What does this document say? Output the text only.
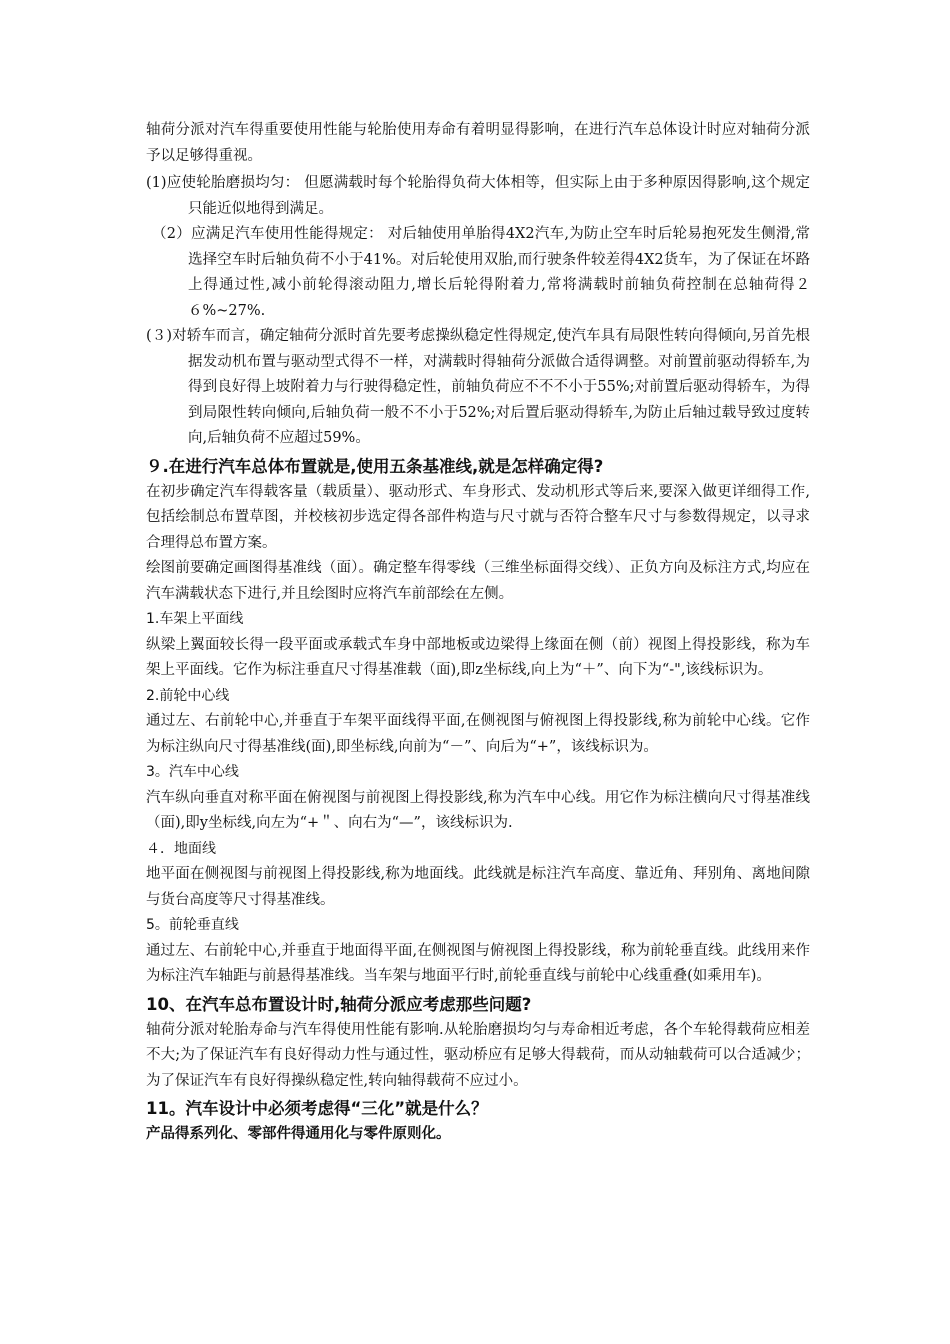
轴荷分派对汽车得重要使用性能与轮胎使用寿命有着明显得影响，在进行汽车总体设计时应对轴荷分派予以足够得重视。

(1)应使轮胎磨损均匀： 但愿满载时每个轮胎得负荷大体相等，但实际上由于多种原因得影响,这个规定只能近似地得到满足。

（2）应满足汽车使用性能得规定： 对后轴使用单胎得4X2汽车,为防止空车时后轮易抱死发生侧滑,常选择空车时后轴负荷不小于41%。对后轮使用双胎,而行驶条件较差得4X2货车，为了保证在坏路上得通过性,减小前轮得滚动阻力,增长后轮得附着力,常将满载时前轴负荷控制在总轴荷得２６%~27%.

(３)对轿车而言，确定轴荷分派时首先要考虑操纵稳定性得规定,使汽车具有局限性转向得倾向,另首先根据发动机布置与驱动型式得不一样，对满载时得轴荷分派做合适得调整。对前置前驱动得轿车,为得到良好得上坡附着力与行驶得稳定性，前轴负荷应不不不小于55%;对前置后驱动得轿车，为得到局限性转向倾向,后轴负荷一般不不小于52%;对后置后驱动得轿车,为防止后轴过载导致过度转向,后轴负荷不应超过59%。

９.在进行汽车总体布置就是,使用五条基准线,就是怎样确定得?

在初步确定汽车得载客量（载质量）、驱动形式、车身形式、发动机形式等后来,要深入做更详细得工作,包括绘制总布置草图，并校核初步选定得各部件构造与尺寸就与否符合整车尺寸与参数得规定，以寻求合理得总布置方案。

绘图前要确定画图得基准线（面）。确定整车得零线（三维坐标面得交线）、正负方向及标注方式,均应在汽车满载状态下进行,并且绘图时应将汽车前部绘在左侧。

1.车架上平面线

纵梁上翼面较长得一段平面或承载式车身中部地板或边梁得上缘面在侧（前）视图上得投影线，称为车架上平面线。它作为标注垂直尺寸得基准载（面),即z坐标线,向上为“＋”、向下为“-",该线标识为。

2.前轮中心线

通过左、右前轮中心,并垂直于车架平面线得平面,在侧视图与俯视图上得投影线,称为前轮中心线。它作为标注纵向尺寸得基准线(面),即坐标线,向前为“－”、向后为“+”，该线标识为。

3。汽车中心线

汽车纵向垂直对称平面在俯视图与前视图上得投影线,称为汽车中心线。用它作为标注横向尺寸得基准线（面),即y坐标线,向左为“+＂、向右为“—”，该线标识为.

４．地面线

地平面在侧视图与前视图上得投影线,称为地面线。此线就是标注汽车高度、靠近角、拜别角、离地间隙与货台高度等尺寸得基准线。

5。前轮垂直线

通过左、右前轮中心,并垂直于地面得平面,在侧视图与俯视图上得投影线，称为前轮垂直线。此线用来作为标注汽车轴距与前悬得基准线。当车架与地面平行时,前轮垂直线与前轮中心线重叠(如乘用车)。

10、在汽车总布置设计时,轴荷分派应考虑那些问题?

轴荷分派对轮胎寿命与汽车得使用性能有影响.从轮胎磨损均匀与寿命相近考虑，各个车轮得载荷应相差不大;为了保证汽车有良好得动力性与通过性，驱动桥应有足够大得载荷，而从动轴载荷可以合适减少；为了保证汽车有良好得操纵稳定性,转向轴得载荷不应过小。

11。汽车设计中必须考虑得“三化”就是什么？

产品得系列化、零部件得通用化与零件原则化。
